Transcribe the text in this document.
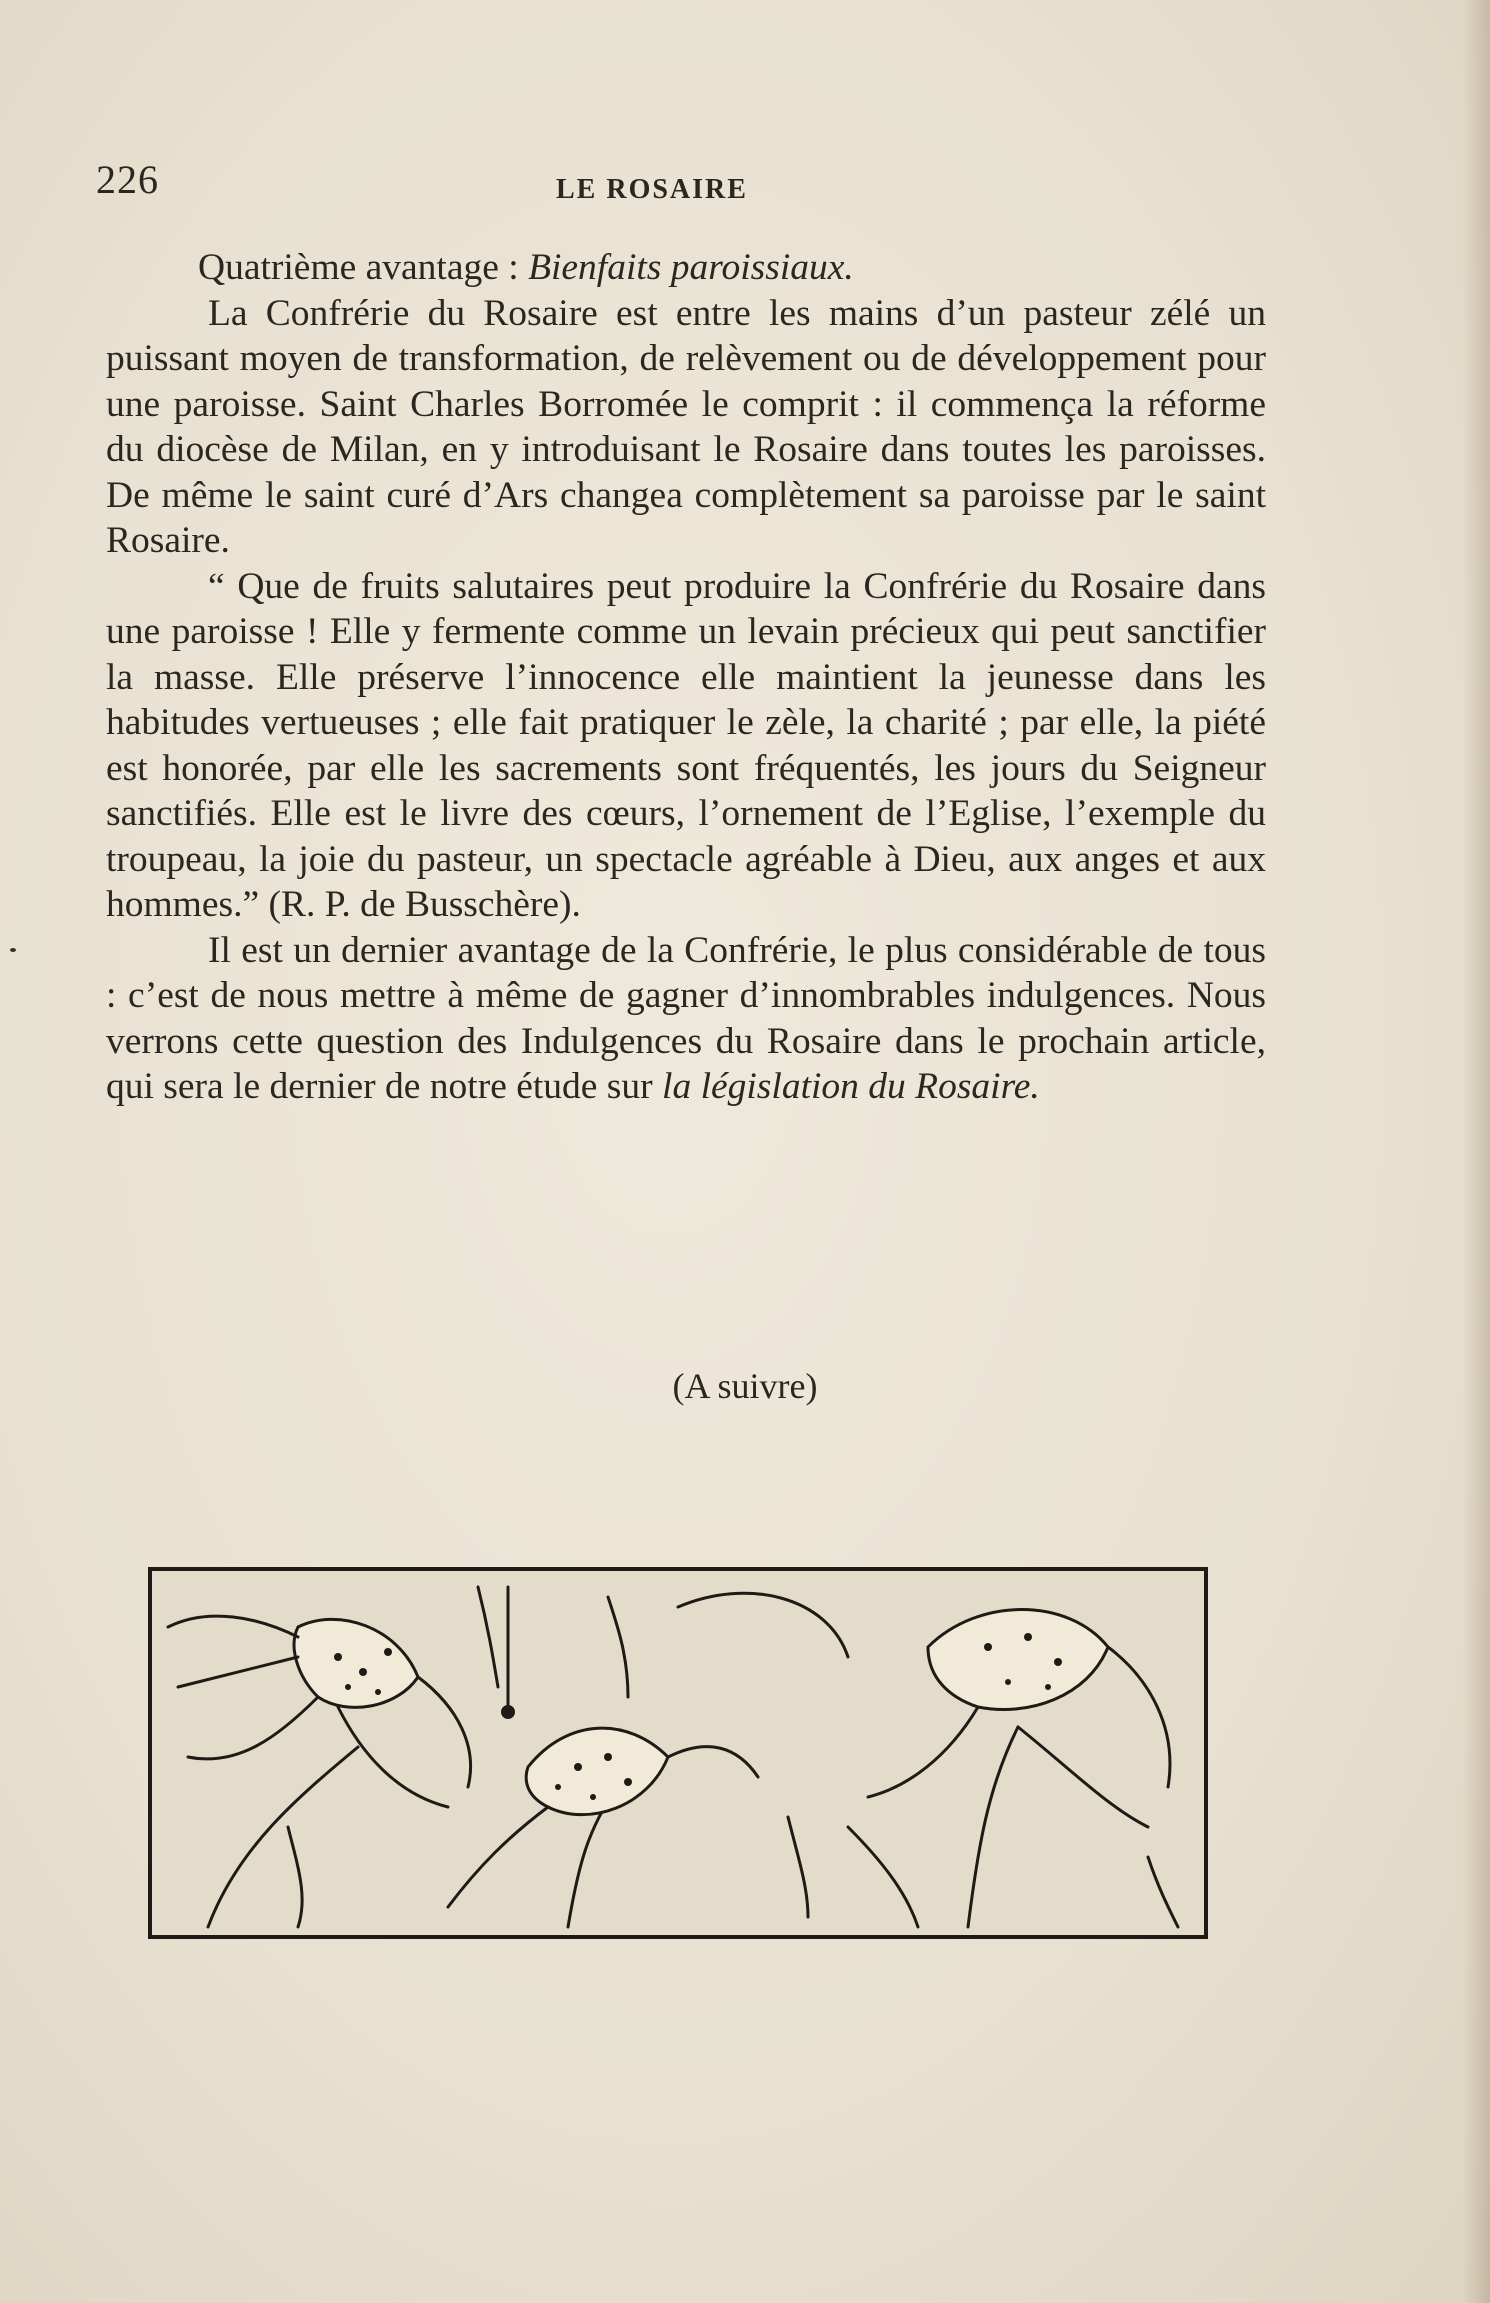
226	LE ROSAIRE

Quatrième avantage : Bienfaits paroissiaux.

La Confrérie du Rosaire est entre les mains d’un pasteur zélé un puissant moyen de transformation, de relèvement ou de développement pour une paroisse. Saint Charles Borromée le comprit : il commença la réforme du diocèse de Milan, en y introduisant le Rosaire dans toutes les paroisses. De même le saint curé d’Ars changea complètement sa paroisse par le saint Rosaire.

“ Que de fruits salutaires peut produire la Confrérie du Rosaire dans une paroisse ! Elle y fermente comme un levain précieux qui peut sanctifier la masse. Elle préserve l’innocence elle maintient la jeunesse dans les habitudes vertueuses ; elle fait pratiquer le zèle, la charité ; par elle, la piété est honorée, par elle les sacrements sont fréquentés, les jours du Seigneur sanctifiés. Elle est le livre des cœurs, l’ornement de l’Eglise, l’exemple du troupeau, la joie du pasteur, un spectacle agréable à Dieu, aux anges et aux hommes.” (R. P. de Busschère).

Il est un dernier avantage de la Confrérie, le plus considérable de tous : c’est de nous mettre à même de gagner d’innombrables indulgences. Nous verrons cette question des Indulgences du Rosaire dans le prochain article, qui sera le dernier de notre étude sur la législation du Rosaire.

(A suivre)
